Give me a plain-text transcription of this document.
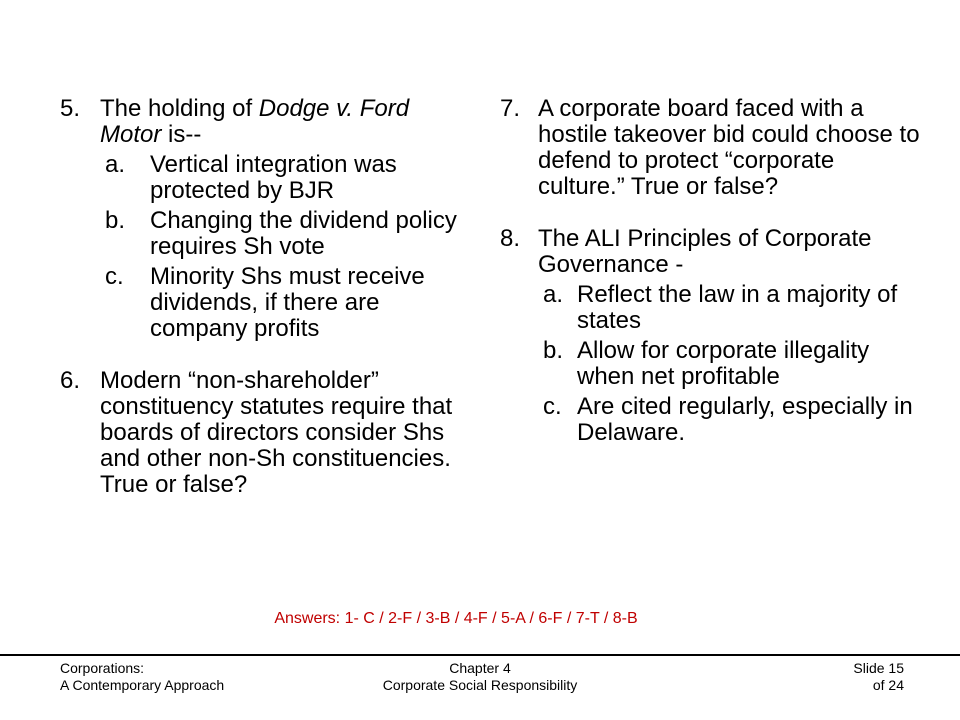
5. The holding of Dodge v. Ford Motor is--
a.	Vertical integration was protected by BJR
b.	Changing the dividend policy requires Sh vote
c.	Minority Shs must receive dividends, if there are company profits
6. Modern “non-shareholder” constituency statutes require that boards of directors consider Shs and other non-Sh constituencies. True or false?
7. A corporate board faced with a hostile takeover bid could choose to defend to protect “corporate culture.” True or false?
8. The ALI Principles of Corporate Governance -
a. Reflect the law in a majority of states
b. Allow for corporate illegality when net profitable
c. Are cited regularly, especially in Delaware.
Answers: 1- C / 2-F / 3-B / 4-F / 5-A / 6-F / 7-T / 8-B
Corporations:
A Contemporary Approach
Chapter 4
Corporate Social Responsibility
Slide 15
of 24
